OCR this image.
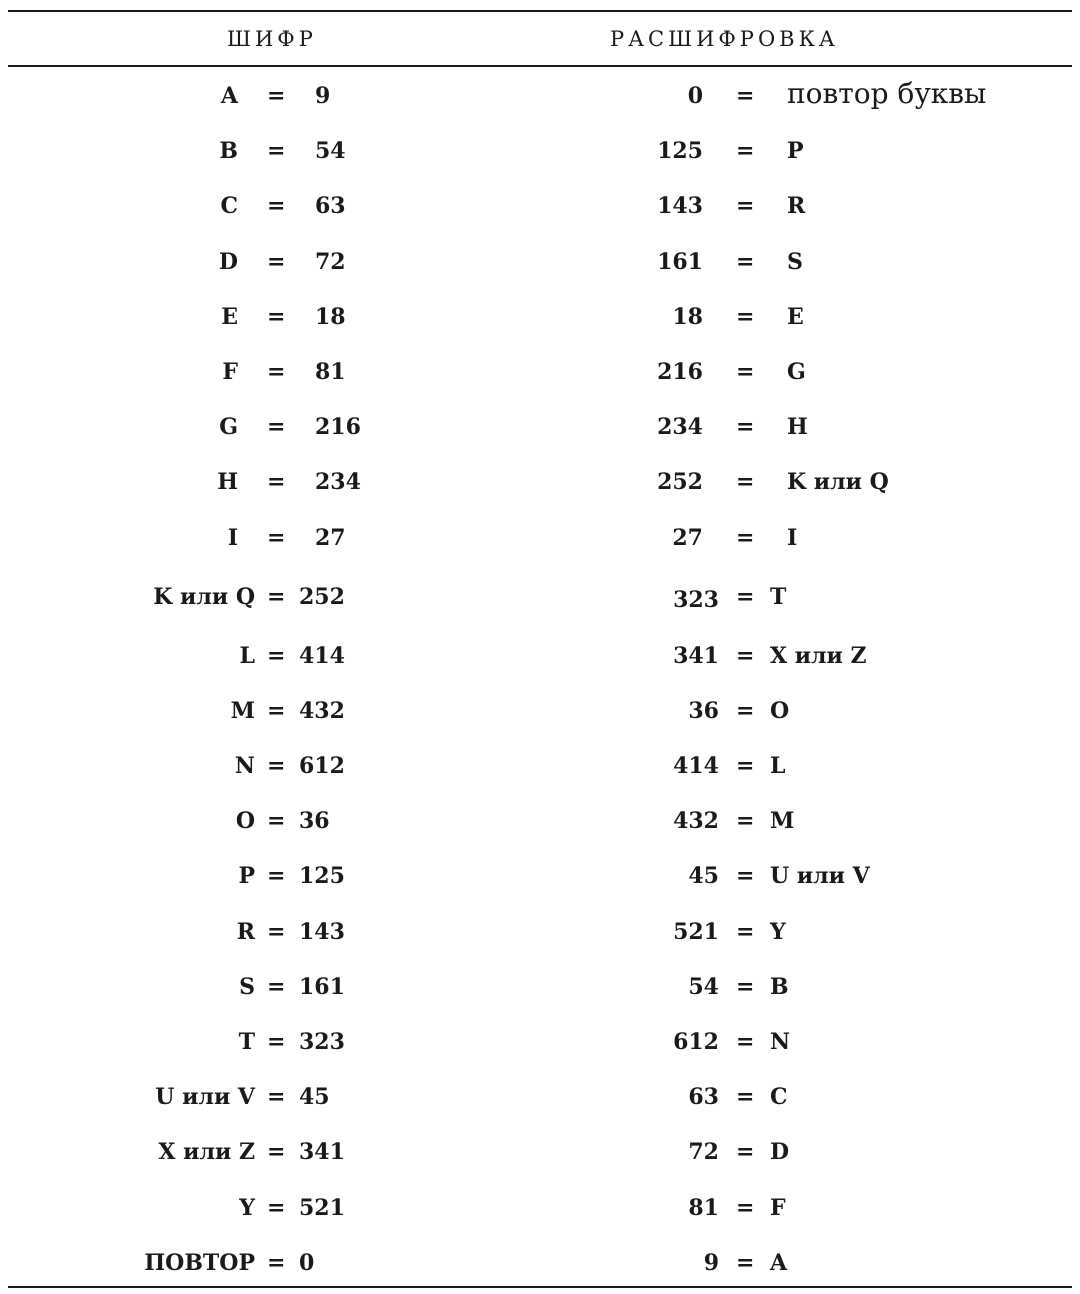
ШИФР	РАСШИФРОВКА
A = 9	0 = повтор буквы
B = 54	125 = P
C = 63	143 = R
D = 72	161 = S
E = 18	18 = E
F = 81	216 = G
G = 216	234 = H
H = 234	252 = K или Q
I = 27	27 = I
K или Q = 252	323 = T
L = 414	341 = X или Z
M = 432	36 = O
N = 612	414 = L
O = 36	432 = M
P = 125	45 = U или V
R = 143	521 = Y
S = 161	54 = B
T = 323	612 = N
U или V = 45	63 = C
X или Z = 341	72 = D
Y = 521	81 = F
ПОВТОР = 0	9 = A
